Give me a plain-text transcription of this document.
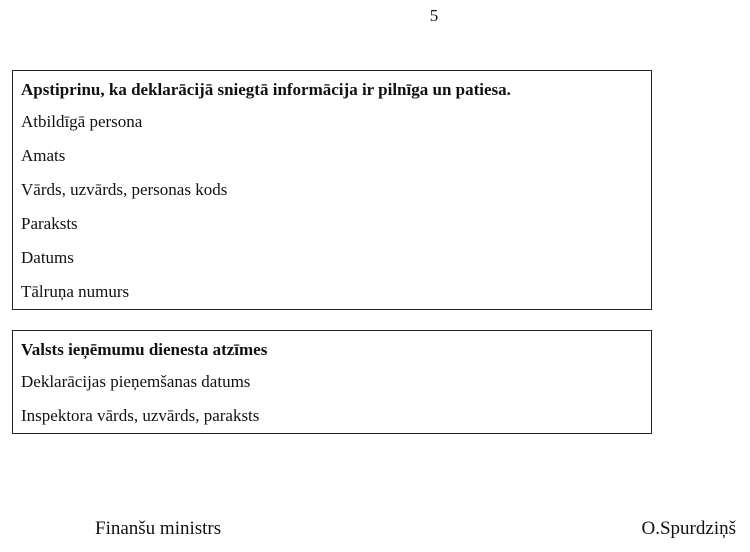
5
Apstiprinu, ka deklarācijā sniegtā informācija ir pilnīga un patiesa.
Atbildīgā persona
Amats
Vārds, uzvārds, personas kods
Paraksts
Datums
Tālruņa numurs
Valsts ieņēmumu dienesta atzīmes
Deklarācijas pieņemšanas datums
Inspektora vārds, uzvārds, paraksts
Finanšu ministrs	O.Spurdziņš
